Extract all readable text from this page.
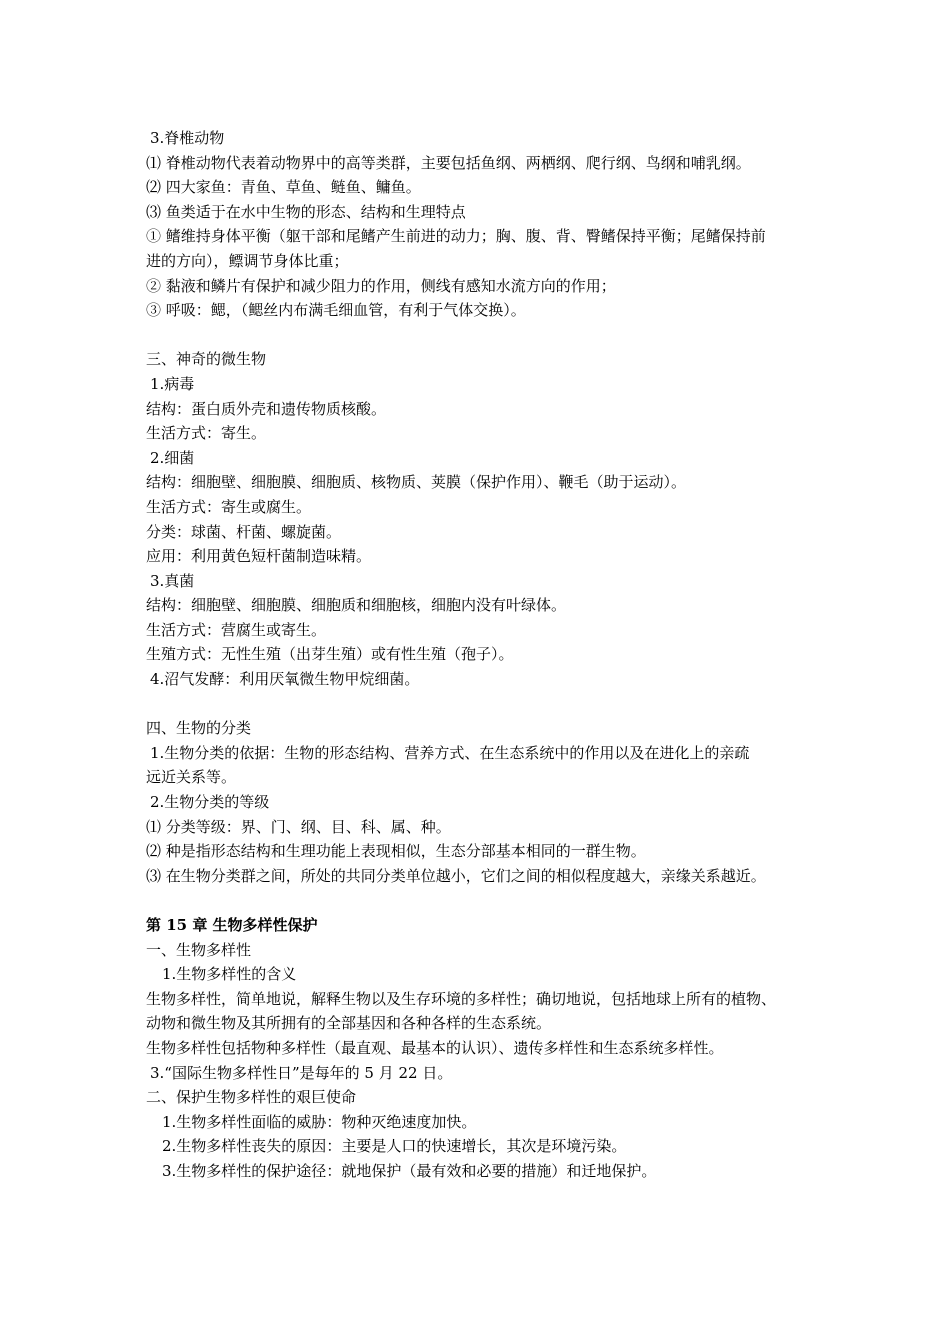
3.脊椎动物
⑴ 脊椎动物代表着动物界中的高等类群，主要包括鱼纲、两栖纲、爬行纲、鸟纲和哺乳纲。
⑵ 四大家鱼：青鱼、草鱼、鲢鱼、鳙鱼。
⑶ 鱼类适于在水中生物的形态、结构和生理特点
① 鳍维持身体平衡（躯干部和尾鳍产生前进的动力；胸、腹、背、臀鳍保持平衡；尾鳍保持前
进的方向），鳔调节身体比重；
② 黏液和鳞片有保护和减少阻力的作用，侧线有感知水流方向的作用；
③ 呼吸：鳃，（鳃丝内布满毛细血管，有利于气体交换）。
三、神奇的微生物
1.病毒
结构：蛋白质外壳和遗传物质核酸。
生活方式：寄生。
2.细菌
结构：细胞壁、细胞膜、细胞质、核物质、荚膜（保护作用）、鞭毛（助于运动）。
生活方式：寄生或腐生。
分类：球菌、杆菌、螺旋菌。
应用：利用黄色短杆菌制造味精。
3.真菌
结构：细胞壁、细胞膜、细胞质和细胞核，细胞内没有叶绿体。
生活方式：营腐生或寄生。
生殖方式：无性生殖（出芽生殖）或有性生殖（孢子）。
4.沼气发酵：利用厌氧微生物甲烷细菌。
四、生物的分类
1.生物分类的依据：生物的形态结构、营养方式、在生态系统中的作用以及在进化上的亲疏
远近关系等。
2.生物分类的等级
⑴ 分类等级：界、门、纲、目、科、属、种。
⑵ 种是指形态结构和生理功能上表现相似，生态分部基本相同的一群生物。
⑶ 在生物分类群之间，所处的共同分类单位越小，它们之间的相似程度越大，亲缘关系越近。
第 15 章 生物多样性保护
一、生物多样性
1.生物多样性的含义
生物多样性，简单地说，解释生物以及生存环境的多样性；确切地说，包括地球上所有的植物、
动物和微生物及其所拥有的全部基因和各种各样的生态系统。
生物多样性包括物种多样性（最直观、最基本的认识）、遗传多样性和生态系统多样性。
3.“国际生物多样性日”是每年的 5 月 22 日。
二、保护生物多样性的艰巨使命
1.生物多样性面临的威胁：物种灭绝速度加快。
2.生物多样性丧失的原因：主要是人口的快速增长，其次是环境污染。
3.生物多样性的保护途径：就地保护（最有效和必要的措施）和迁地保护。
